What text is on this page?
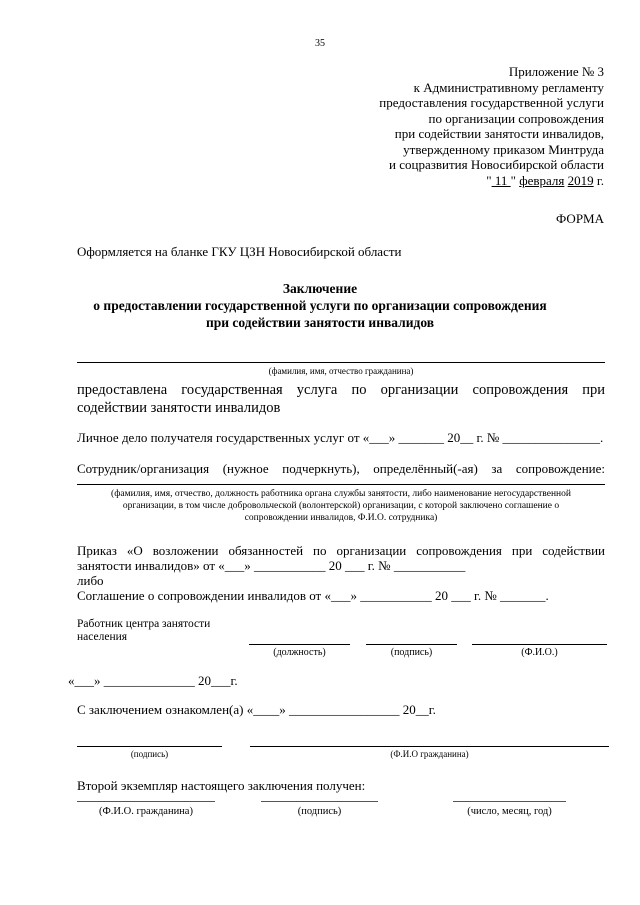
35
Приложение № 3
к Административному регламенту
предоставления государственной услуги
по организации сопровождения
при содействии занятости инвалидов,
утвержденному приказом Минтруда
и соцразвития Новосибирской области
" 11 " февраля 2019 г.
ФОРМА
Оформляется на бланке ГКУ ЦЗН Новосибирской области
Заключение
о предоставлении государственной услуги по организации сопровождения
при содействии занятости инвалидов
(фамилия, имя, отчество гражданина)
предоставлена государственная услуга по организации сопровождения при
содействии занятости инвалидов
Личное дело получателя государственных услуг от «___» _______ 20__ г. № _______________.
Сотрудник/организация (нужное подчеркнуть), определённый(-ая) за сопровождение:
(фамилия, имя, отчество, должность работника органа службы занятости, либо наименование негосударственной
организации, в том числе добровольческой (волонтерской) организации, с которой заключено соглашение о
сопровождении инвалидов, Ф.И.О. сотрудника)
Приказ «О возложении обязанностей по организации сопровождения при содействии
занятости инвалидов» от «___» ___________ 20 ___ г. № ___________
либо
Соглашение о сопровождении инвалидов от «___» ___________ 20 ___ г. № _______.
Работник центра занятости
населения
(должность)	(подпись)	(Ф.И.О.)
«___» ______________ 20___г.
С заключением ознакомлен(а) «____» _________________ 20__г.
(подпись)	(Ф.И.О гражданина)
Второй экземпляр настоящего заключения получен:
(Ф.И.О. гражданина)	(подпись)	(число, месяц, год)
